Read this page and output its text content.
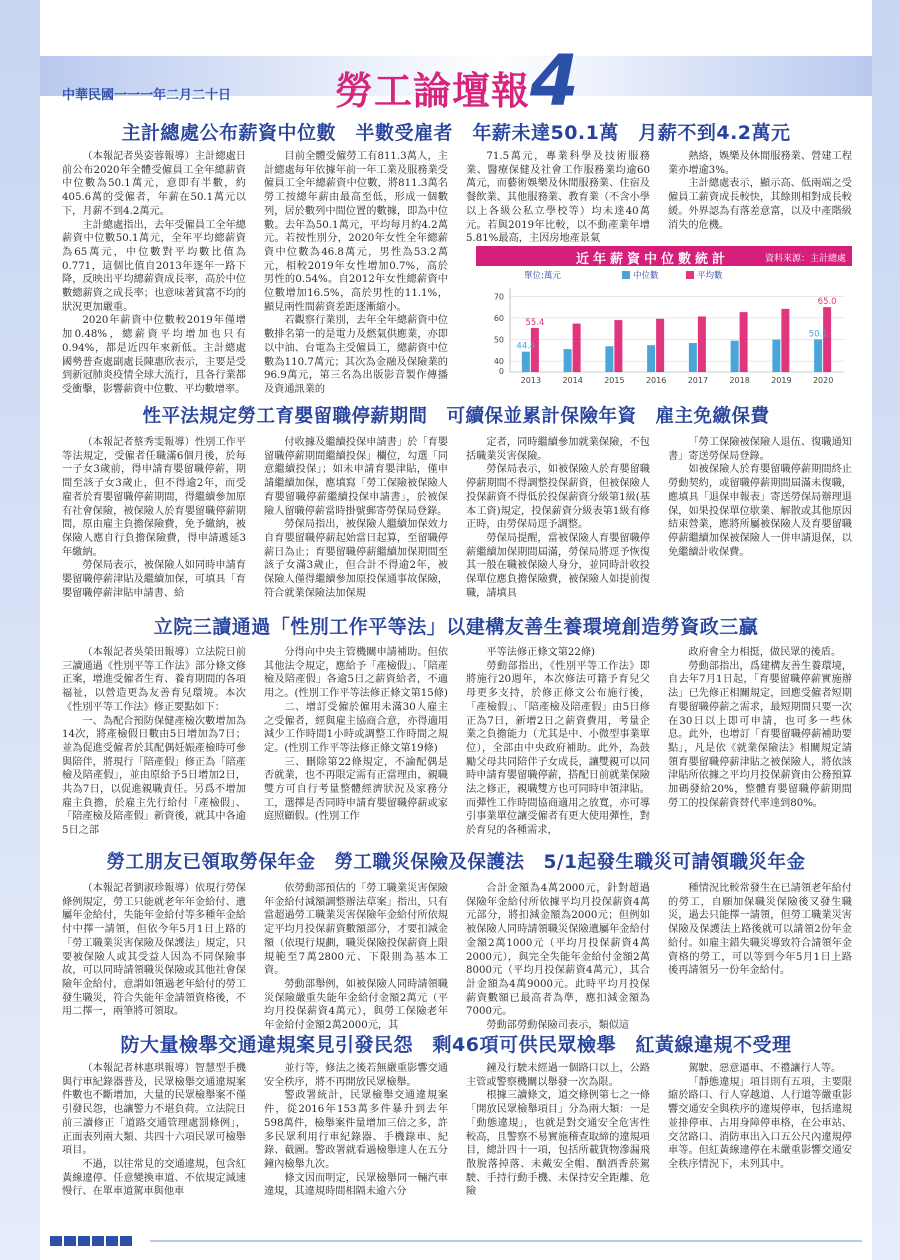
中華民國一一一年二月二十日	勞工論壇報 4
主計總處公布薪資中位數　半數受雇者　年薪未達50.1萬　月薪不到4.2萬元

（本報記者吳姿蓉報導）主計總處日前公布2020年全體受僱員工全年總薪資中位數為50.1萬元，意即有半數，約405.6萬的受僱者，年薪在50.1萬元以下，月薪不到4.2萬元。

主計總處指出，去年受僱員工全年總薪資中位數50.1萬元，全年平均總薪資為65萬元，中位數對平均數比值為0.771，這個比值自2013年逐年一路下降，反映出平均總薪資成長率，高於中位數總薪資之成長率；也意味著貧富不均的狀況更加嚴重。

2020年薪資中位數較2019年僅增加0.48%，總薪資平均增加也只有0.94%，都是近四年來新低。主計總處國勢普查處副處長陳惠欣表示，主要是受到新冠肺炎疫情全球大流行，且各行業都受衝擊，影響薪資中位數、平均數增率。

目前全體受僱勞工有811.3萬人，主計總處每年依據年前一年工業及服務業受僱員工全年總薪資中位數，將811.3萬名勞工按總年薪由最高至低，形成一個數列，居於數列中間位置的數據，即為中位數。去年為50.1萬元，平均每月約4.2萬元。若按性別分，2020年女性全年總薪資中位數為46.8萬元，男性為53.2萬元，相較2019年女性增加0.7%，高於男性的0.54%。自2012年女性總薪資中位數增加16.5%，高於男性的11.1%，顯見兩性間薪資差距逐漸縮小。

若觀察行業別，去年全年總薪資中位數排名第一的是電力及燃氣供應業，亦即以中油、台電為主受僱員工，總薪資中位數為110.7萬元；其次為金融及保險業的96.9萬元，第三名為出版影音製作傳播及資通訊業的

71.5萬元，專業科學及技術服務業、醫療保健及社會工作服務業均逾60萬元，而藝術娛樂及休閒服務業、住宿及餐飲業、其他服務業、教育業（不含小學以上各級公私立學校等）均未達40萬元。若與2019年比較，以不動產業年增5.81%最高，主因房地產景氣

熱絡，娛樂及休閒服務業、營建工程業亦增逾3%。

主計總處表示，顯示高、低兩端之受僱員工薪資成長較快，其餘則相對成長較緩。外界認為有落差意富，以及中產階級消失的危機。

近年薪資中位數統計	資料來源：主計總處
單位:萬元	中位數	平均數
0
40
50
60
70
2013	2014	2015	2016	2017	2018	2019	2020
44.4
55.4
50.1
65.0
性平法規定勞工育嬰留職停薪期間　可續保並累計保險年資　雇主免繳保費

（本報記者蔡秀雯報導）性別工作平等法規定，受僱者任職滿6個月後，於每一子女3歲前，得申請育嬰留職停薪，期間至該子女3歲止，但不得逾2年，而受雇者於育嬰留職停薪期間，得繼續參加原有社會保險，被保險人於育嬰留職停薪期間，原由雇主負擔保險費，免予繳納，被保險人應自行負擔保險費，得申請遞延3年繳納。

勞保局表示，被保險人如同時申請育嬰留職停薪津貼及繼續加保，可填具「育嬰留職停薪津貼申請書、給

付收據及繼續投保申請書」於「育嬰留職停薪期間繼續投保」欄位，勾選「同意繼續投保」；如未申請育嬰津貼，僅申請繼續加保，應填寫「勞工保險被保險人育嬰留職停薪繼續投保申請書」，於被保險人留職停薪當時掛號郵寄勞保局登錄。

勞保局指出，被保險人繼續加保效力自育嬰留職停薪起始當日起算，至留職停薪日為止；育嬰留職停薪繼續加保期間至該子女滿3歲止，但合計不得逾2年，被保險人僅得繼續參加原投保通事故保險，符合就業保險法加保規

定者，同時繼續參加就業保險，不包括職業災害保險。

勞保局表示，如被保險人於育嬰留職停薪期間不得調整投保薪資，但被保險人投保薪資不得低於投保薪資分級第1級(基本工資)規定，投保薪資分級表第1級有修正時，由勞保局逕予調整。

勞保局提醒，當被保險人育嬰留職停薪繼續加保期間屆滿，勞保局將逕予恢復其一般在職被保險人身分，並同時計收投保單位應負擔保險費，被保險人如提前復職，請填具

「勞工保險被保險人退伍、復職通知書」寄送勞保局登錄。

如被保險人於育嬰留職停薪期間終止勞動契約，或留職停薪期間屆滿未復職，應填具「退保申報表」寄送勞保局辦理退保，如果投保單位歇業、解散或其他原因結束營業，應將所屬被保險人及育嬰留職停薪繼續加保被保險人一併申請退保，以免繼續計收保費。

立院三讀通過「性別工作平等法」以建構友善生養環境創造勞資政三贏

（本報記者吳榮田報導）立法院日前三讀通過《性別平等工作法》部分條文修正案，增進受僱者生育、養育期間的各項福祉，以營造更為友善育兒環境。本次《性別平等工作法》修正要點如下：

一、為配合預防保健產檢次數增加為14次，將產檢假日數由5日增加為7日；並為促進受僱者於其配偶妊娠產檢時可參與陪伴，將現行「陪產假」修正為「陪產檢及陪產假」，並由原給予5日增加2日，共為7日，以促進親職責任。另爲不增加雇主負擔，於雇主先行給付「產檢假」、「陪產檢及陪產假」新資後，就其中各逾5日之部

分得向中央主管機關申請補助。但依其他法令規定，應給予「產檢假」、「陪產檢及陪產假」各逾5日之薪資給者，不適用之。(性別工作平等法修正條文第15條)

二、增訂受僱於僱用未滿30人雇主之受僱者，經與雇主協商合意，亦得適用減少工作時間1小時或調整工作時間之規定。(性別工作平等法修正條文第19條)

三、刪除第22條規定，不論配偶是否就業，也不再限定需有正當理由，親職雙方可自行考量整體經濟狀況及家務分工，選擇是否同時申請育嬰留職停薪或家庭照顧假。(性別工作

平等法修正條文第22條)

勞動部指出，《性別平等工作法》即將施行20週年，本次修法可籍予育兒父母更多支持，於修正條文公布施行後，「產檢假」、「陪產檢及陪產假」由5日修正為7日，新增2日之薪資費用，考量企業之負擔能力（尤其是中、小微型事業單位），全部由中央政府補助。此外，為鼓勵父母共同陪伴子女成長，讓雙親可以同時申請育嬰留職停薪，搭配日前就業保險法之修正，親職雙方也可同時申領津貼。而彈性工作時間協商適用之放寬，亦可導引事業單位讓受僱者有更大使用彈性，對於育兒的各種需求，

政府會全力相挺，做民眾的後盾。

勞動部指出，爲建構友善生養環境，自去年7月1日起，「育嬰留職停薪實施辦法」已先修正相關規定，回應受僱者短期育嬰留職停薪之需求，最短期間只要一次在30日以上即可申請，也可多一些休息。此外，也增訂「育嬰留職停薪補助要點」，凡是依《就業保險法》相關規定請領育嬰留職停薪津貼之被保險人，將依該津貼所依據之平均月投保薪資由公務預算加碼發給20%，整體育嬰留職停薪期間勞工的投保薪資替代率達到80%。

勞工朋友已領取勞保年金　勞工職災保險及保護法　5/1起發生職災可請領職災年金

（本報記者劉淑珍報導）依現行勞保條例規定，勞工只能就老年年金給付、遺屬年金給付，失能年金給付等多種年金給付中擇一請領，但依今年5月1日上路的「勞工職業災害保險及保護法」規定，只要被保險人或其受益人因為不同保險事故，可以同時請領職災保險或其他社會保險年金給付，意謂如領過老年給付的勞工發生職災，符合失能年金請領資格後，不用二擇一，兩筆將可領取。

依勞動部預估的「勞工職業災害保險年金給付減額調整辦法草案」指出，只有當超過勞工職業災害保險年金給付所依規定平均月投保薪資數額部分，才要扣減金額（依現行規劃，職災保險投保薪資上限規範至7萬2800元、下限則為基本工資。

勞動部舉例，如被保險人同時請領職災保險嚴重失能年金給付金額2萬元（平均月投保薪資4萬元），與勞工保險老年年金給付金額2萬2000元，其

合計金額為4萬2000元，針對超過保險年金給付所依據平均月投保薪資4萬元部分，將扣減金額為2000元；但例如被保險人同時請領職災保險遺屬年金給付金額2萬1000元（平均月投保薪資4萬2000元），與完全失能年金給付金額2萬8000元（平均月投保薪資4萬元），其合計金額為4萬9000元。此時平均月投保薪資數額已最高者為準，應扣減金額為7000元。

勞動部勞動保險司表示，類似這

種情況比較常發生在已請領老年給付的勞工，自願加保職災保險後又發生職災，過去只能擇一請領，但勞工職業災害保險及保護法上路後就可以請領2份年金給付。如雇主錯失職災導致符合請領年金資格的勞工，可以等到今年5月1日上路後再請領另一份年金給付。

防大量檢舉交通違規案見引發民怨　剩46項可供民眾檢舉　紅黃線違規不受理

（本報記者林惠琪報導）智慧型手機與行車紀錄器普及，民眾檢舉交通違規案件數也不斷增加，大量的民眾檢舉案不僅引發民怨，也讓警力不堪負荷。立法院日前三讀修正「道路交通管理處罰條例」，正面表列兩大類、共四十六項民眾可檢舉項目。

不過，以往常見的交通違規，包含紅黃線違停、任意變換車道、不依規定減速慢行、在單車道駕車與他車

並行等，修法之後若無嚴重影響交通安全秩序，將不再開放民眾檢舉。

警政署統計，民眾檢舉交通違規案件，從2016年153萬多件暴升到去年598萬件，檢舉案件量增加三倍之多，許多民眾利用行車紀錄器、手機錄車、紀錄、截圖。警政署就看過檢舉達人在五分鐘內檢舉九次。

條文因而明定，民眾檢舉同一輛汽車違規，其違規時間相隔未逾六分

鐘及行駛未經過一個路口以上，公路主管或警察機關以舉發一次為限。

根據三讀條文，道交條例第七之一條「開放民眾檢舉項目」分為兩大類：一是「動態違規」，也就是對交通安全危害性較高，且警察不易實施稽查取締的違規項目，總計四十一項，包括所載貨物滲漏飛散脫落掉落、未戴安全帽、酗酒香菸駕駛、手持行動手機、未保持安全距離、危險

駕駛、惡意逼車、不禮讓行人等。

「靜態違規」項目則有五項，主要限縮於路口、行人穿越道、人行道等嚴重影響交通安全與秩序的違規停車，包括違規並排停車、占用身障停車格，在公車站、交岔路口、消防車出入口五公尺內違規停車等。但紅黃線違停在未嚴重影響交通安全秩序情況下，未列其中。
